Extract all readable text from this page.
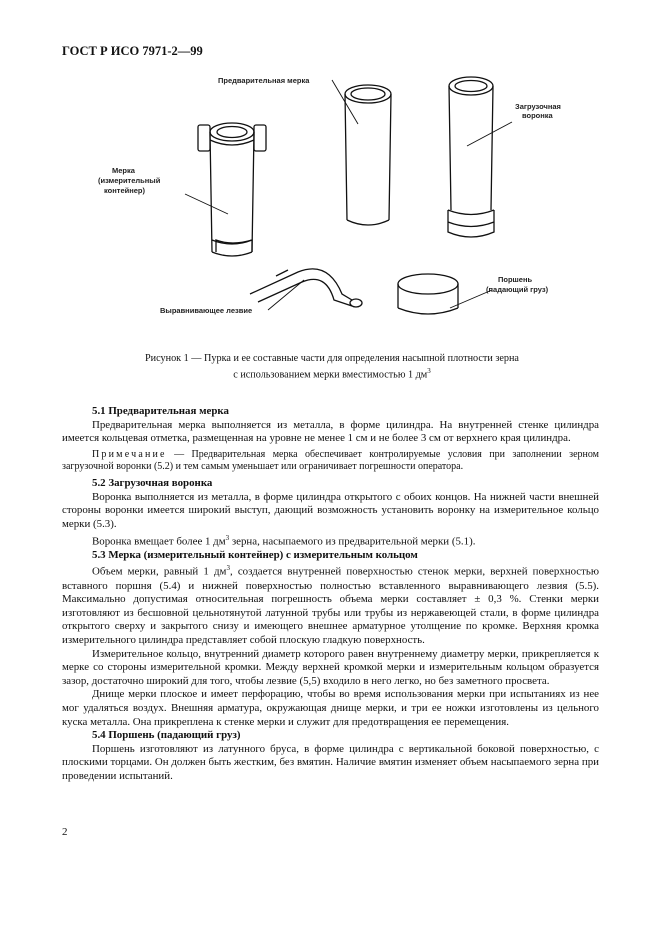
ГОСТ Р ИСО 7971-2—99
Предварительная мерка
Загрузочная
воронка
Мерка
(измерительный
контейнер)
Поршень
(падающий груз)
Выравнивающее лезвие
Рисунок 1 — Пурка и ее составные части для определения насыпной плотности зерна
с использованием мерки вместимостью 1 $дм^3$

5.1 Предварительная мерка

Предварительная мерка выполняется из металла, в форме цилиндра. На внутренней стенке цилиндра имеется кольцевая отметка, размещенная на уровне не менее 1 см и не более 3 см от верхнего края цилиндра.

Примечание — Предварительная мерка обеспечивает контролируемые условия при заполнении зерном загрузочной воронки (5.2) и тем самым уменьшает или ограничивает погрешности оператора.

5.2 Загрузочная воронка

Воронка выполняется из металла, в форме цилиндра открытого с обоих концов. На нижней части внешней стороны воронки имеется широкий выступ, дающий возможность установить воронку на измерительное кольцо мерки (5.3).

Воронка вмещает более 1 $дм^3$ зерна, насыпаемого из предварительной мерки (5.1).

5.3 Мерка (измерительный контейнер) с измерительным кольцом

Объем мерки, равный 1 $дм^3$, создается внутренней поверхностью стенок мерки, верхней поверхностью вставного поршня (5.4) и нижней поверхностью полностью вставленного выравнивающего лезвия (5.5). Максимально допустимая относительная погрешность объема мерки составляет ± 0,3 %. Стенки мерки изготовляют из бесшовной цельнотянутой латунной трубы или трубы из нержавеющей стали, в форме цилиндра открытого сверху и закрытого снизу и имеющего внешнее арматурное утолщение по кромке. Верхняя кромка измерительного цилиндра представляет собой плоскую гладкую поверхность.

Измерительное кольцо, внутренний диаметр которого равен внутреннему диаметру мерки, прикрепляется к мерке со стороны измерительной кромки. Между верхней кромкой мерки и измерительным кольцом образуется зазор, достаточно широкий для того, чтобы лезвие (5,5) входило в него легко, но без заметного просвета.

Днище мерки плоское и имеет перфорацию, чтобы во время использования мерки при испытаниях из нее мог удаляться воздух. Внешняя арматура, окружающая днище мерки, и три ее ножки изготовлены из цельного куска металла. Она прикреплена к стенке мерки и служит для предотвращения ее перемещения.

5.4 Поршень (падающий груз)

Поршень изготовляют из латунного бруса, в форме цилиндра с вертикальной боковой поверхностью, с плоскими торцами. Он должен быть жестким, без вмятин. Наличие вмятин изменяет объем насыпаемого зерна при проведении испытаний.

2
